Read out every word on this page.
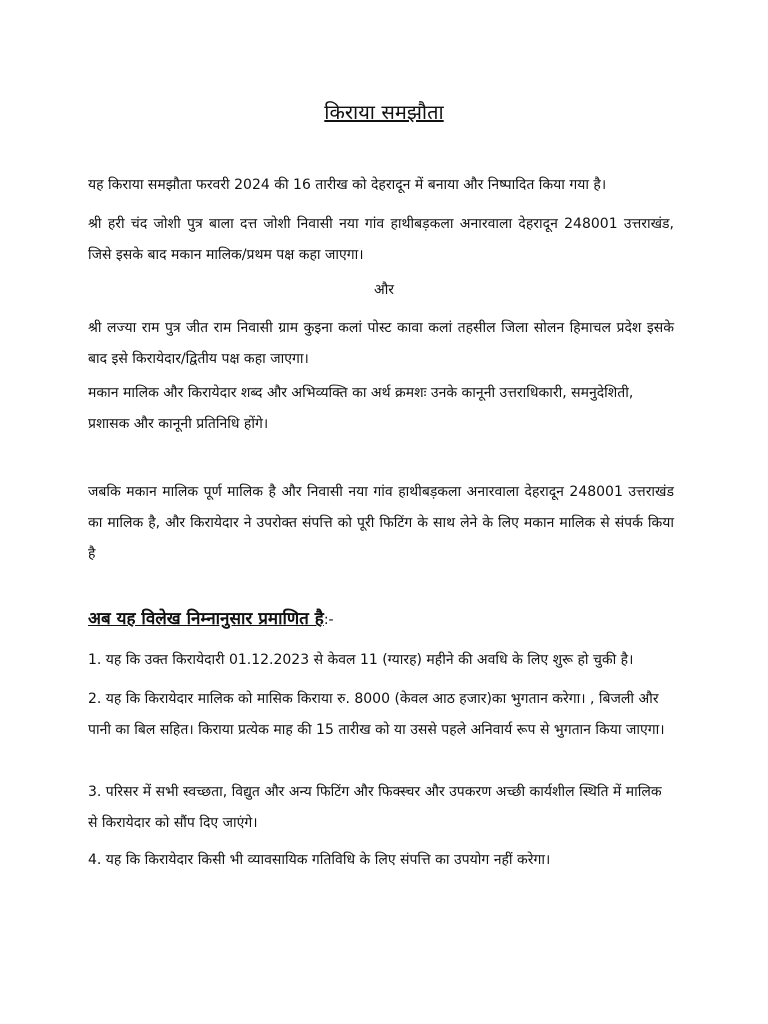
किराया समझौता

यह किराया समझौता फरवरी 2024 की 16 तारीख को देहरादून में बनाया और निष्पादित किया गया है।

श्री हरी चंद जोशी पुत्र बाला दत्त जोशी निवासी नया गांव हाथीबड़कला अनारवाला देहरादून 248001 उत्तराखंड, जिसे इसके बाद मकान मालिक/प्रथम पक्ष कहा जाएगा।

और

श्री लज्या राम पुत्र जीत राम निवासी ग्राम कुइना कलां पोस्ट कावा कलां तहसील जिला सोलन हिमाचल प्रदेश इसके बाद इसे किरायेदार/द्वितीय पक्ष कहा जाएगा।

मकान मालिक और किरायेदार शब्द और अभिव्यक्ति का अर्थ क्रमशः उनके कानूनी उत्तराधिकारी, समनुदेशिती, प्रशासक और कानूनी प्रतिनिधि होंगे।

जबकि मकान मालिक पूर्ण मालिक है और निवासी नया गांव हाथीबड़कला अनारवाला देहरादून 248001 उत्तराखंड का मालिक है, और किरायेदार ने उपरोक्त संपत्ति को पूरी फिटिंग के साथ लेने के लिए मकान मालिक से संपर्क किया है

अब यह विलेख निम्नानुसार प्रमाणित है:-

1. यह कि उक्त किरायेदारी 01.12.2023 से केवल 11 (ग्यारह) महीने की अवधि के लिए शुरू हो चुकी है।

2. यह कि किरायेदार मालिक को मासिक किराया रु. 8000 (केवल आठ हजार)का भुगतान करेगा। , बिजली और पानी का बिल सहित। किराया प्रत्येक माह की 15 तारीख को या उससे पहले अनिवार्य रूप से भुगतान किया जाएगा।

3. परिसर में सभी स्वच्छता, विद्युत और अन्य फिटिंग और फिक्स्चर और उपकरण अच्छी कार्यशील स्थिति में मालिक से किरायेदार को सौंप दिए जाएंगे।

4. यह कि किरायेदार किसी भी व्यावसायिक गतिविधि के लिए संपत्ति का उपयोग नहीं करेगा।
